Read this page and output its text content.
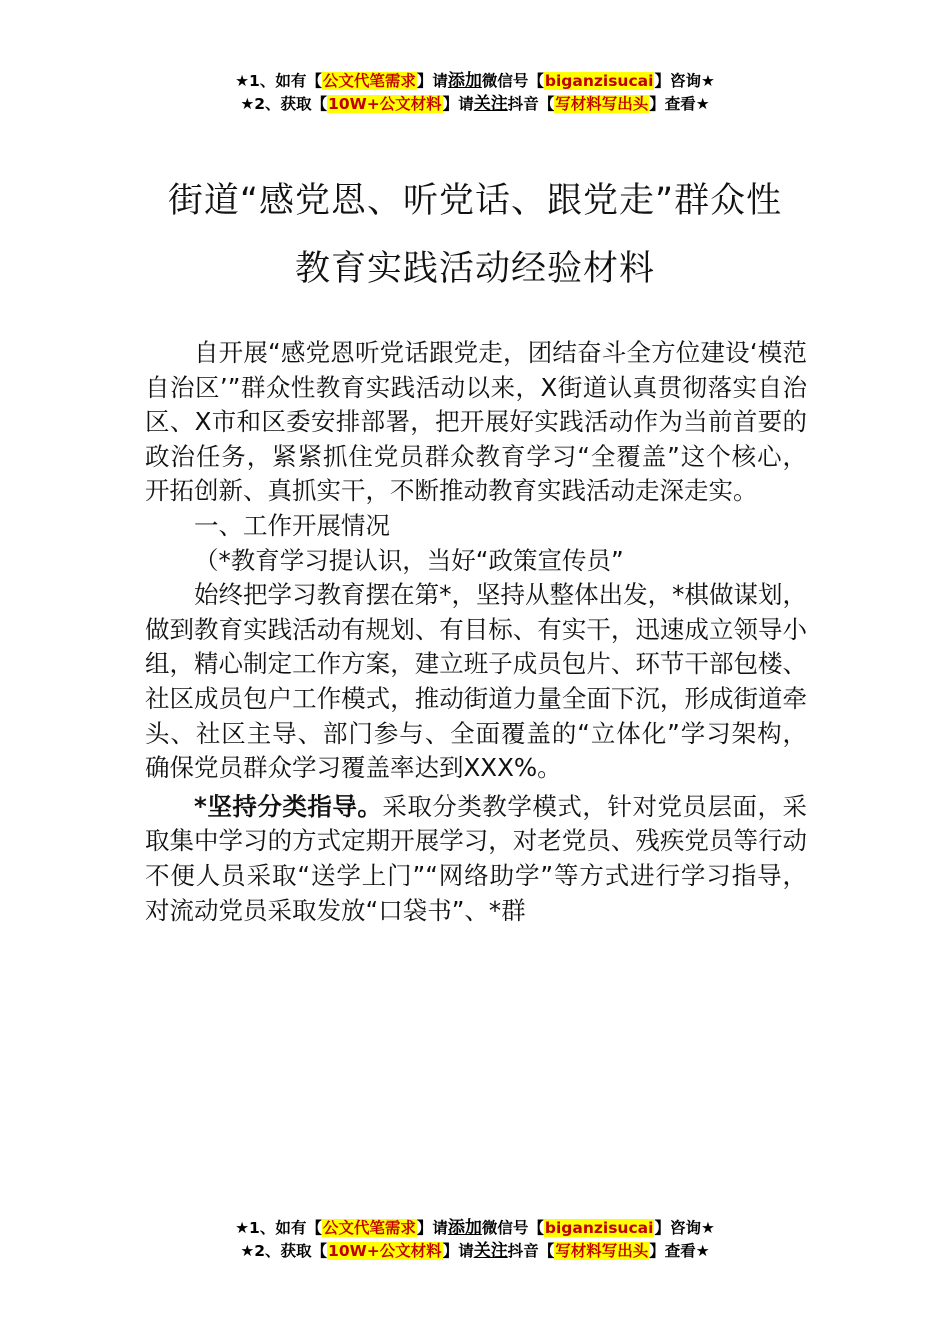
★1、如有【公文代笔需求】请添加微信号【biganzisucai】咨询★
★2、获取【10W+公文材料】请关注抖音【写材料写出头】查看★
街道“感党恩、听党话、跟党走”群众性
教育实践活动经验材料

自开展“感党恩听党话跟党走，团结奋斗全方位建设‘模范自治区’”群众性教育实践活动以来，X街道认真贯彻落实自治区、X市和区委安排部署，把开展好实践活动作为当前首要的政治任务，紧紧抓住党员群众教育学习“全覆盖”这个核心，开拓创新、真抓实干，不断推动教育实践活动走深走实。

一、工作开展情况

（*教育学习提认识，当好“政策宣传员”

始终把学习教育摆在第*，坚持从整体出发，*棋做谋划，做到教育实践活动有规划、有目标、有实干，迅速成立领导小组，精心制定工作方案，建立班子成员包片、环节干部包楼、社区成员包户工作模式，推动街道力量全面下沉，形成街道牵头、社区主导、部门参与、全面覆盖的“立体化”学习架构，确保党员群众学习覆盖率达到XXX%。

*坚持分类指导。采取分类教学模式，针对党员层面，采取集中学习的方式定期开展学习，对老党员、残疾党员等行动不便人员采取“送学上门”“网络助学”等方式进行学习指导，对流动党员采取发放“口袋书”、*群

★1、如有【公文代笔需求】请添加微信号【biganzisucai】咨询★
★2、获取【10W+公文材料】请关注抖音【写材料写出头】查看★
